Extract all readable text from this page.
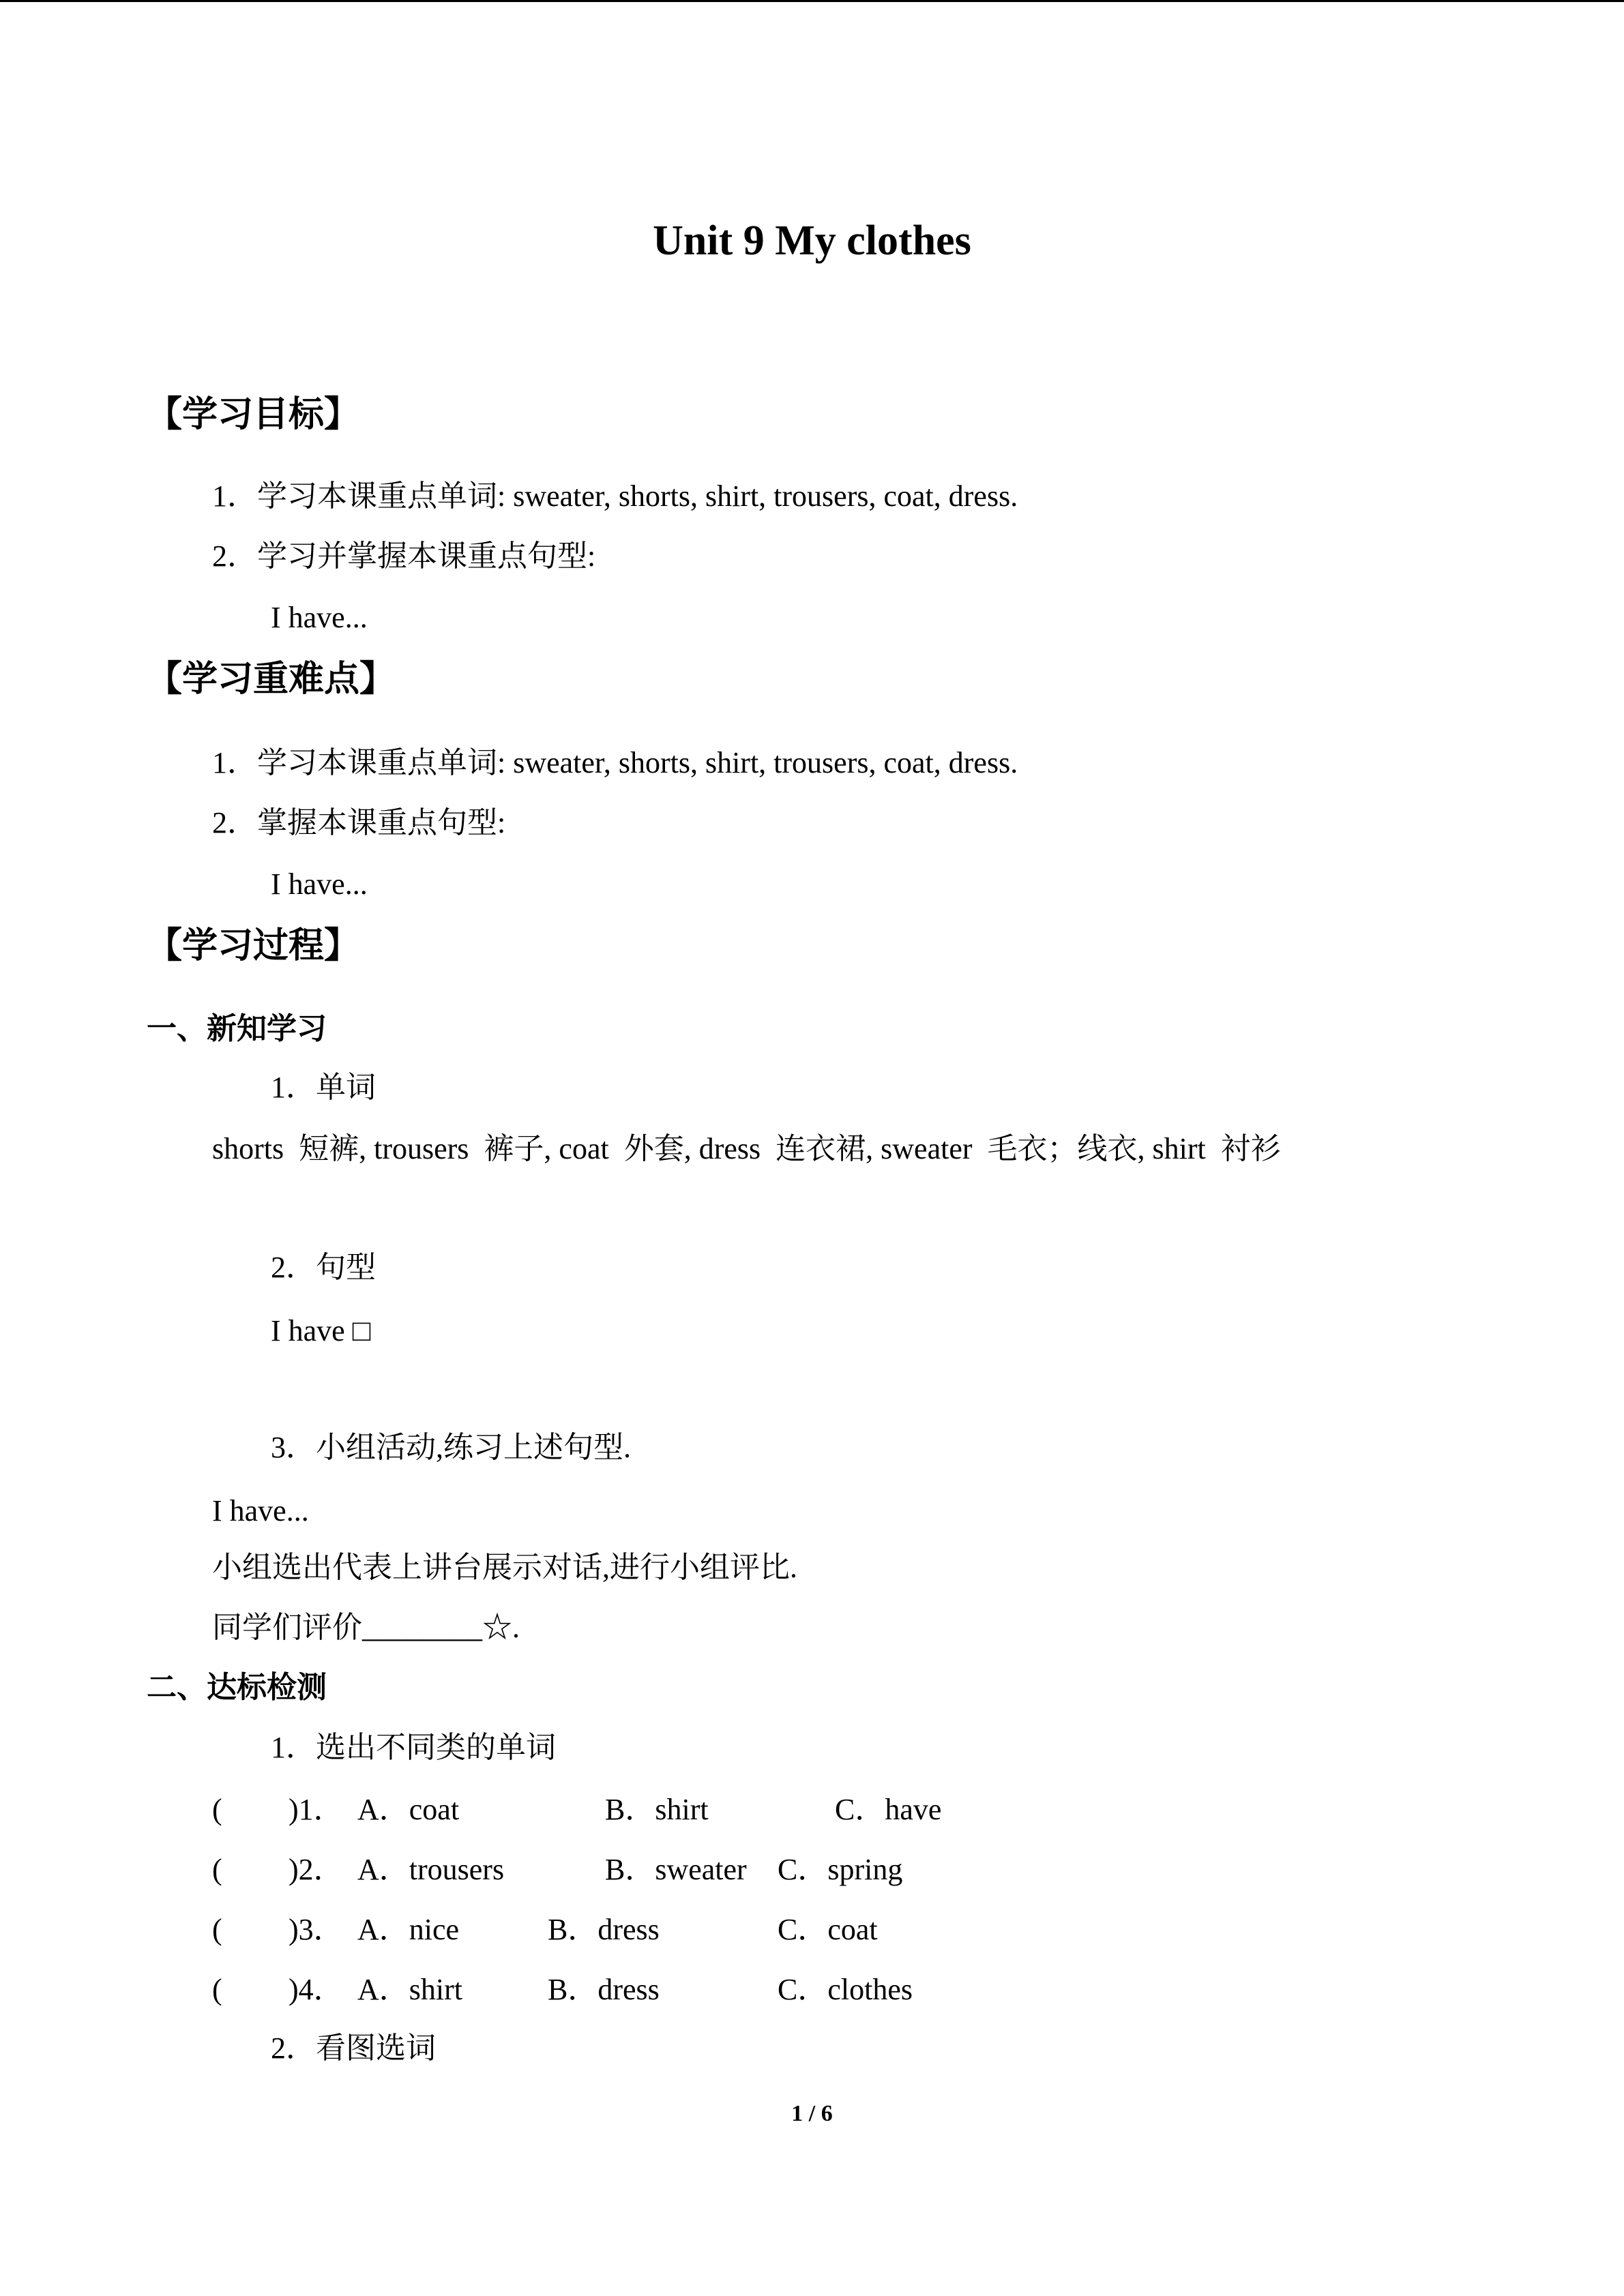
Unit 9 My clothes
【学习目标】
1．学习本课重点单词: sweater, shorts, shirt, trousers, coat, dress.
2．学习并掌握本课重点句型:
I have...
【学习重难点】
1．学习本课重点单词: sweater, shorts, shirt, trousers, coat, dress.
2．掌握本课重点句型:
I have...
【学习过程】
一、新知学习
1．单词
shorts  短裤, trousers  裤子, coat  外套, dress  连衣裙, sweater  毛衣；线衣, shirt  衬衫
2．句型
I have □
3．小组活动,练习上述句型.
I have...
小组选出代表上讲台展示对话,进行小组评比.
同学们评价________☆.
二、达标检测
1．选出不同类的单词
( )1． A．coat	B．shirt	C．have
( )2． A．trousers	B．sweater C．spring
( )3． A．nice	B．dress	C．coat
( )4． A．shirt	B．dress	C．clothes
2．看图选词
1 / 6
